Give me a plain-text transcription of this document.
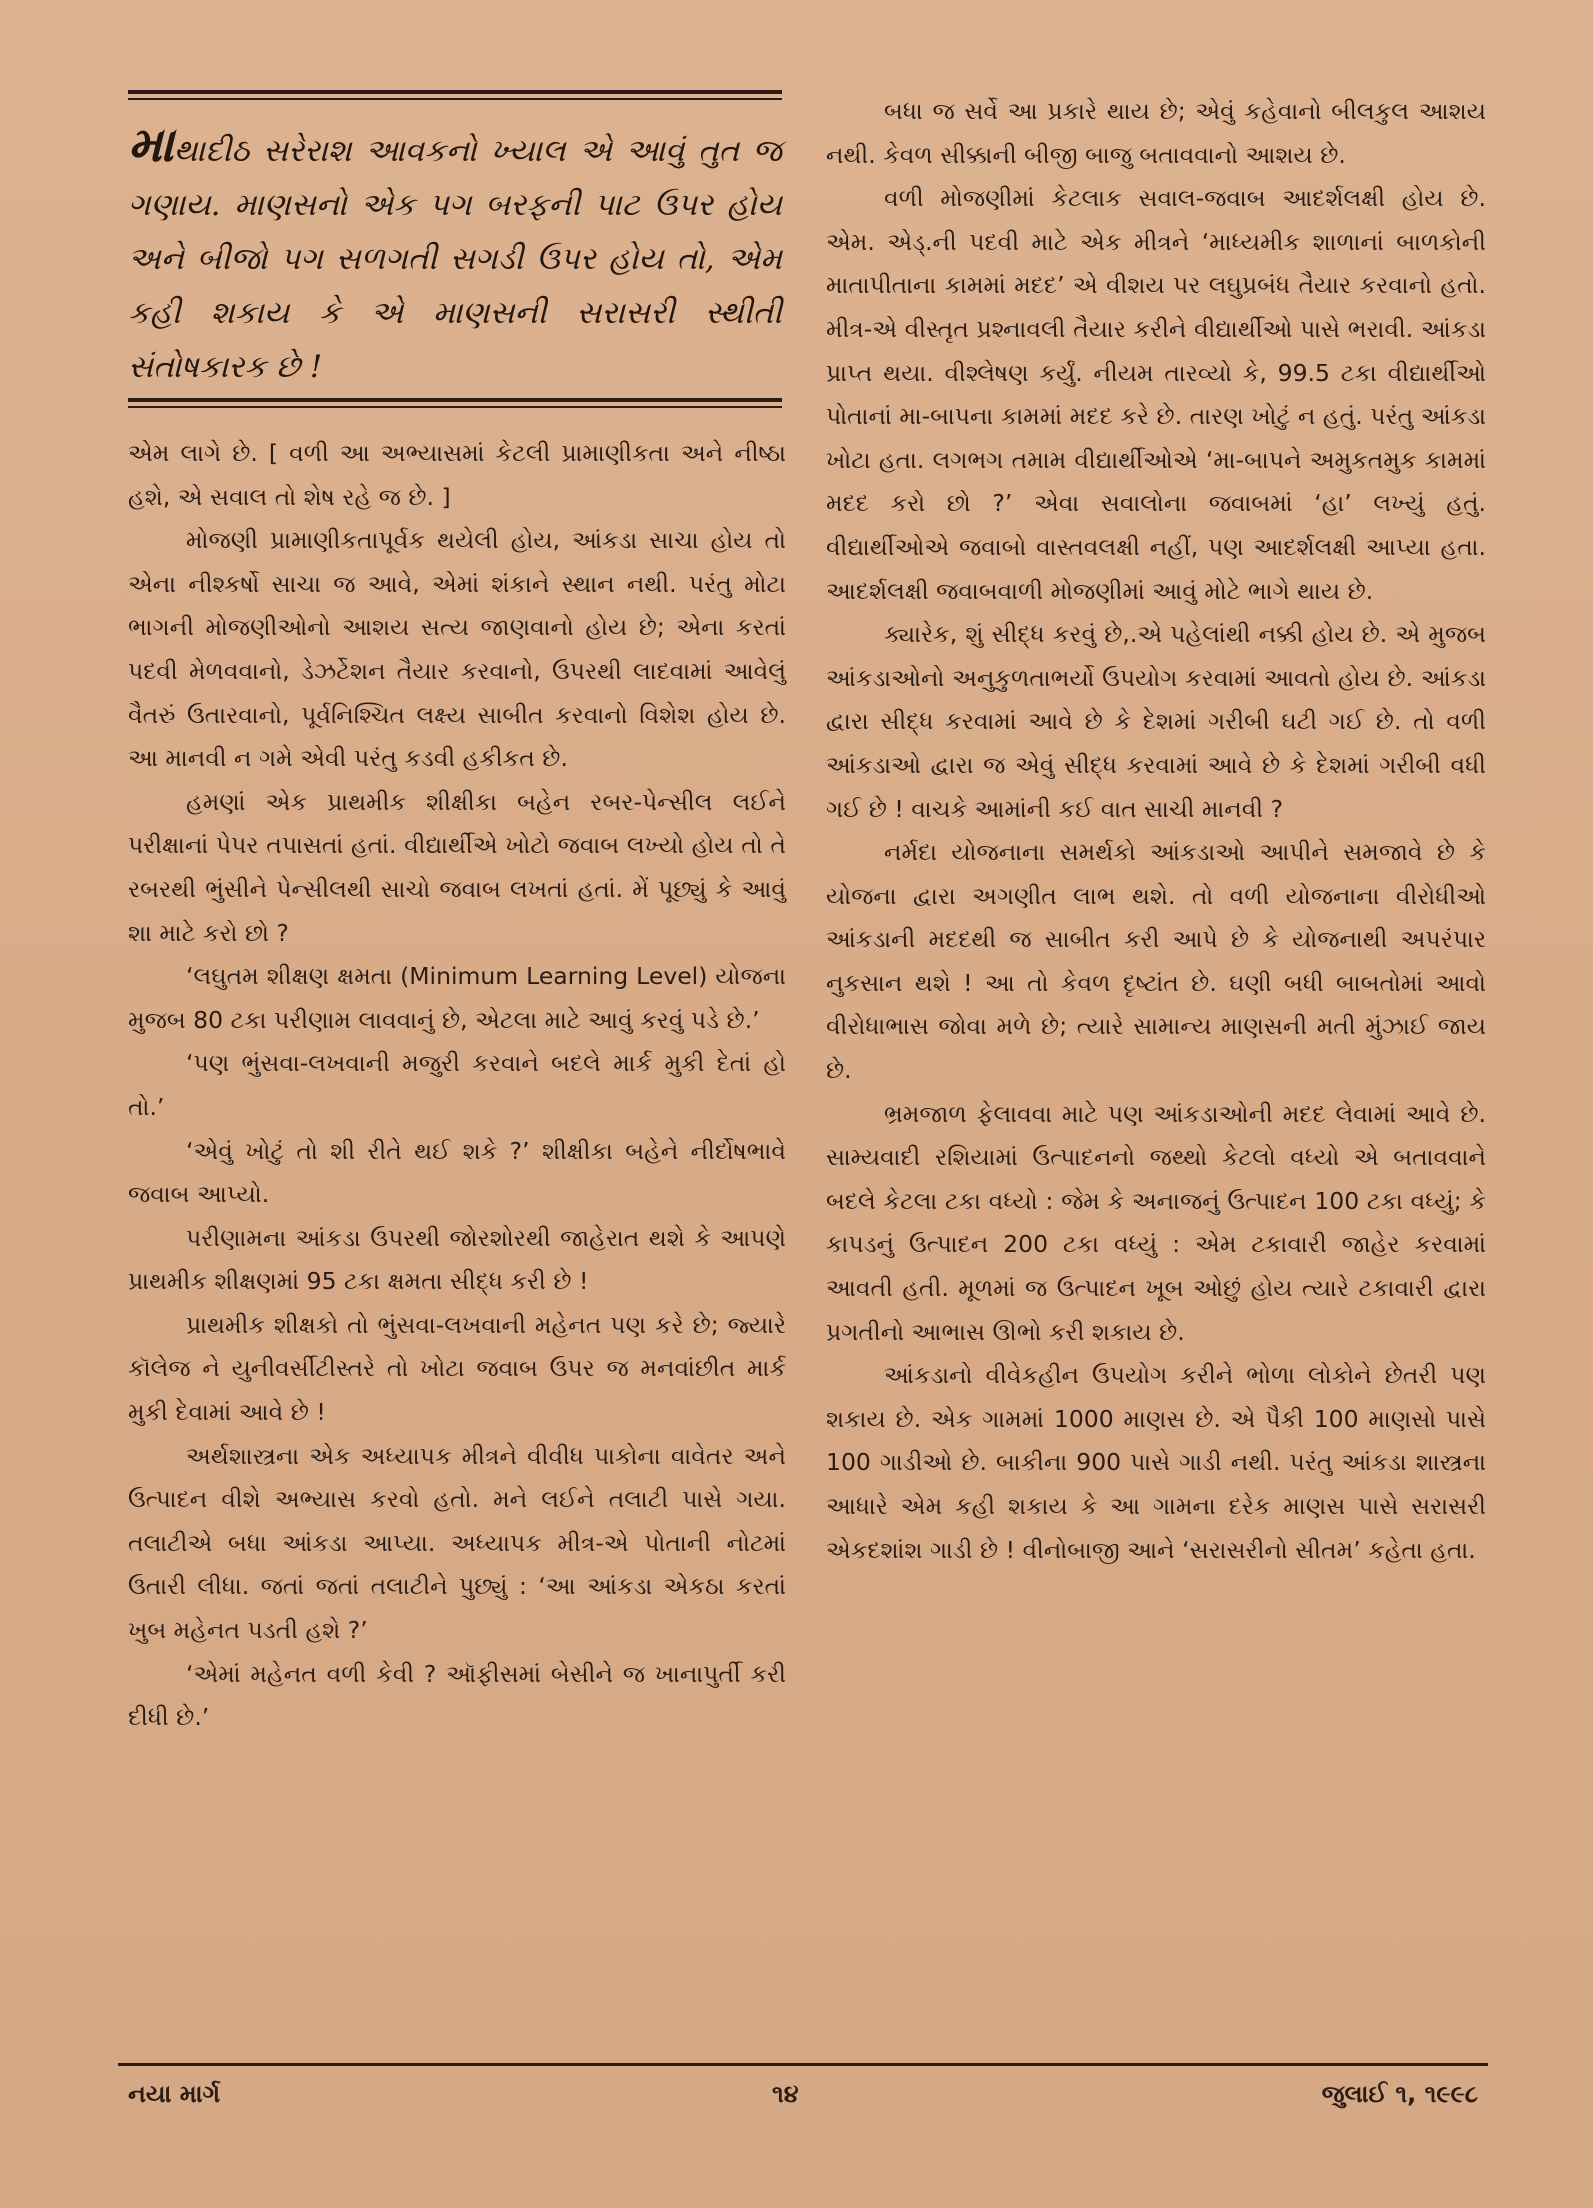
માથાદીઠ સરેરાશ આવકનો ખ્યાલ એ આવું તુત જ ગણાય. માણસનો એક પગ બરફની પાટ ઉપર હોય અને બીજો પગ સળગતી સગડી ઉપર હોય તો, એમ કહી શકાય કે એ માણસની સરાસરી સ્થીતી સંતોષકારક છે !

એમ લાગે છે. [ વળી આ અભ્યાસમાં કેટલી પ્રામાણીકતા અને નીષ્ઠા હશે, એ સવાલ તો શેષ રહે જ છે. ]

મોજણી પ્રામાણીકતાપૂર્વક થયેલી હોય, આંકડા સાચા હોય તો એના નીશ્કર્ષો સાચા જ આવે, એમાં શંકાને સ્થાન નથી. પરંતુ મોટા ભાગની મોજણીઓનો આશય સત્ય જાણવાનો હોય છે; એના કરતાં પદવી મેળવવાનો, ડેઝર્ટેશન તૈયાર કરવાનો, ઉપરથી લાદવામાં આવેલું વૈતરું ઉતારવાનો, પૂર્વનિશ્ચિત લક્ષ્ય સાબીત કરવાનો વિશેશ હોય છે. આ માનવી ન ગમે એવી પરંતુ કડવી હકીકત છે.

હમણાં એક પ્રાથમીક શીક્ષીકા બહેન રબર-પેન્સીલ લઈને પરીક્ષાનાં પેપર તપાસતાં હતાં. વીદ્યાર્થીએ ખોટો જવાબ લખ્યો હોય તો તે રબરથી ભુંસીને પેન્સીલથી સાચો જવાબ લખતાં હતાં. મેં પૂછ્યું કે આવું શા માટે કરો છો ?

‘લઘુતમ શીક્ષણ ક્ષમતા (Minimum Learning Level) યોજના મુજબ 80 ટકા પરીણામ લાવવાનું છે, એટલા માટે આવું કરવું પડે છે.’

‘પણ ભુંસવા-લખવાની મજુરી કરવાને બદલે માર્ક મુકી દેતાં હો તો.’

‘એવું ખોટું તો શી રીતે થઈ શકે ?’ શીક્ષીકા બહેને નીર્દોષભાવે જવાબ આપ્યો.

પરીણામના આંકડા ઉપરથી જોરશોરથી જાહેરાત થશે કે આપણે પ્રાથમીક શીક્ષણમાં 95 ટકા ક્ષમતા સીદ્ધ કરી છે !

પ્રાથમીક શીક્ષકો તો ભુંસવા-લખવાની મહેનત પણ કરે છે; જ્યારે કૉલેજ ને યુનીવર્સીટીસ્તરે તો ખોટા જવાબ ઉપર જ મનવાંછીત માર્ક મુકી દેવામાં આવે છે !

અર્થશાસ્ત્રના એક અધ્યાપક મીત્રને વીવીધ પાકોના વાવેતર અને ઉત્પાદન વીશે અભ્યાસ કરવો હતો. મને લઈને તલાટી પાસે ગયા. તલાટીએ બધા આંકડા આપ્યા. અધ્યાપક મીત્ર-એ પોતાની નોટમાં ઉતારી લીધા. જતાં જતાં તલાટીને પુછ્યું : ‘આ આંકડા એકઠા કરતાં ખુબ મહેનત પડતી હશે ?’

‘એમાં મહેનત વળી કેવી ? ઑફીસમાં બેસીને જ ખાનાપુર્તી કરી દીધી છે.’

બધા જ સર્વે આ પ્રકારે થાય છે; એવું કહેવાનો બીલકુલ આશય નથી. કેવળ સીક્કાની બીજી બાજુ બતાવવાનો આશય છે.

વળી મોજણીમાં કેટલાક સવાલ-જવાબ આદર્શલક્ષી હોય છે. એમ. એડ્.ની પદવી માટે એક મીત્રને ‘માધ્યમીક શાળાનાં બાળકોની માતાપીતાના કામમાં મદદ’ એ વીશય પર લઘુપ્રબંધ તૈયાર કરવાનો હતો. મીત્ર-એ વીસ્તૃત પ્રશ્નાવલી તૈયાર કરીને વીદ્યાર્થીઓ પાસે ભરાવી. આંકડા પ્રાપ્ત થયા. વીશ્લેષણ કર્યું. નીયમ તારવ્યો કે, 99.5 ટકા વીદ્યાર્થીઓ પોતાનાં મા-બાપના કામમાં મદદ કરે છે. તારણ ખોટું ન હતું. પરંતુ આંકડા ખોટા હતા. લગભગ તમામ વીદ્યાર્થીઓએ ‘મા-બાપને અમુકતમુક કામમાં મદદ કરો છો ?’ એવા સવાલોના જવાબમાં ‘હા’ લખ્યું હતું. વીદ્યાર્થીઓએ જવાબો વાસ્તવલક્ષી નહીં, પણ આદર્શલક્ષી આપ્યા હતા. આદર્શલક્ષી જવાબવાળી મોજણીમાં આવું મોટે ભાગે થાય છે.

ક્યારેક, શું સીદ્ધ કરવું છે,.એ પહેલાંથી નક્કી હોય છે. એ મુજબ આંકડાઓનો અનુકુળતાભર્યો ઉપયોગ કરવામાં આવતો હોય છે. આંકડા દ્વારા સીદ્ધ કરવામાં આવે છે કે દેશમાં ગરીબી ઘટી ગઈ છે. તો વળી આંકડાઓ દ્વારા જ એવું સીદ્ધ કરવામાં આવે છે કે દેશમાં ગરીબી વધી ગઈ છે ! વાચકે આમાંની કઈ વાત સાચી માનવી ?

નર્મદા યોજનાના સમર્થકો આંકડાઓ આપીને સમજાવે છે કે યોજના દ્વારા અગણીત લાભ થશે. તો વળી યોજનાના વીરોધીઓ આંકડાની મદદથી જ સાબીત કરી આપે છે કે યોજનાથી અપરંપાર નુકસાન થશે ! આ તો કેવળ દૃષ્ટાંત છે. ઘણી બધી બાબતોમાં આવો વીરોધાભાસ જોવા મળે છે; ત્યારે સામાન્ય માણસની મતી મુંઝાઈ જાય છે.

ભ્રમજાળ ફેલાવવા માટે પણ આંકડાઓની મદદ લેવામાં આવે છે. સામ્યવાદી રશિયામાં ઉત્પાદનનો જથ્થો કેટલો વધ્યો એ બતાવવાને બદલે કેટલા ટકા વધ્યો : જેમ કે અનાજનું ઉત્પાદન 100 ટકા વધ્યું; કે કાપડનું ઉત્પાદન 200 ટકા વધ્યું : એમ ટકાવારી જાહેર કરવામાં આવતી હતી. મૂળમાં જ ઉત્પાદન ખૂબ ઓછું હોય ત્યારે ટકાવારી દ્વારા પ્રગતીનો આભાસ ઊભો કરી શકાય છે.

આંકડાનો વીવેકહીન ઉપયોગ કરીને ભોળા લોકોને છેતરી પણ શકાય છે. એક ગામમાં 1000 માણસ છે. એ પૈકી 100 માણસો પાસે 100 ગાડીઓ છે. બાકીના 900 પાસે ગાડી નથી. પરંતુ આંકડા શાસ્ત્રના આધારે એમ કહી શકાય કે આ ગામના દરેક માણસ પાસે સરાસરી એકદશાંશ ગાડી છે ! વીનોબાજી આને ‘સરાસરીનો સીતમ’ કહેતા હતા.

નયા માર્ગ	૧૪	જુલાઈ ૧, ૧૯૯૮
